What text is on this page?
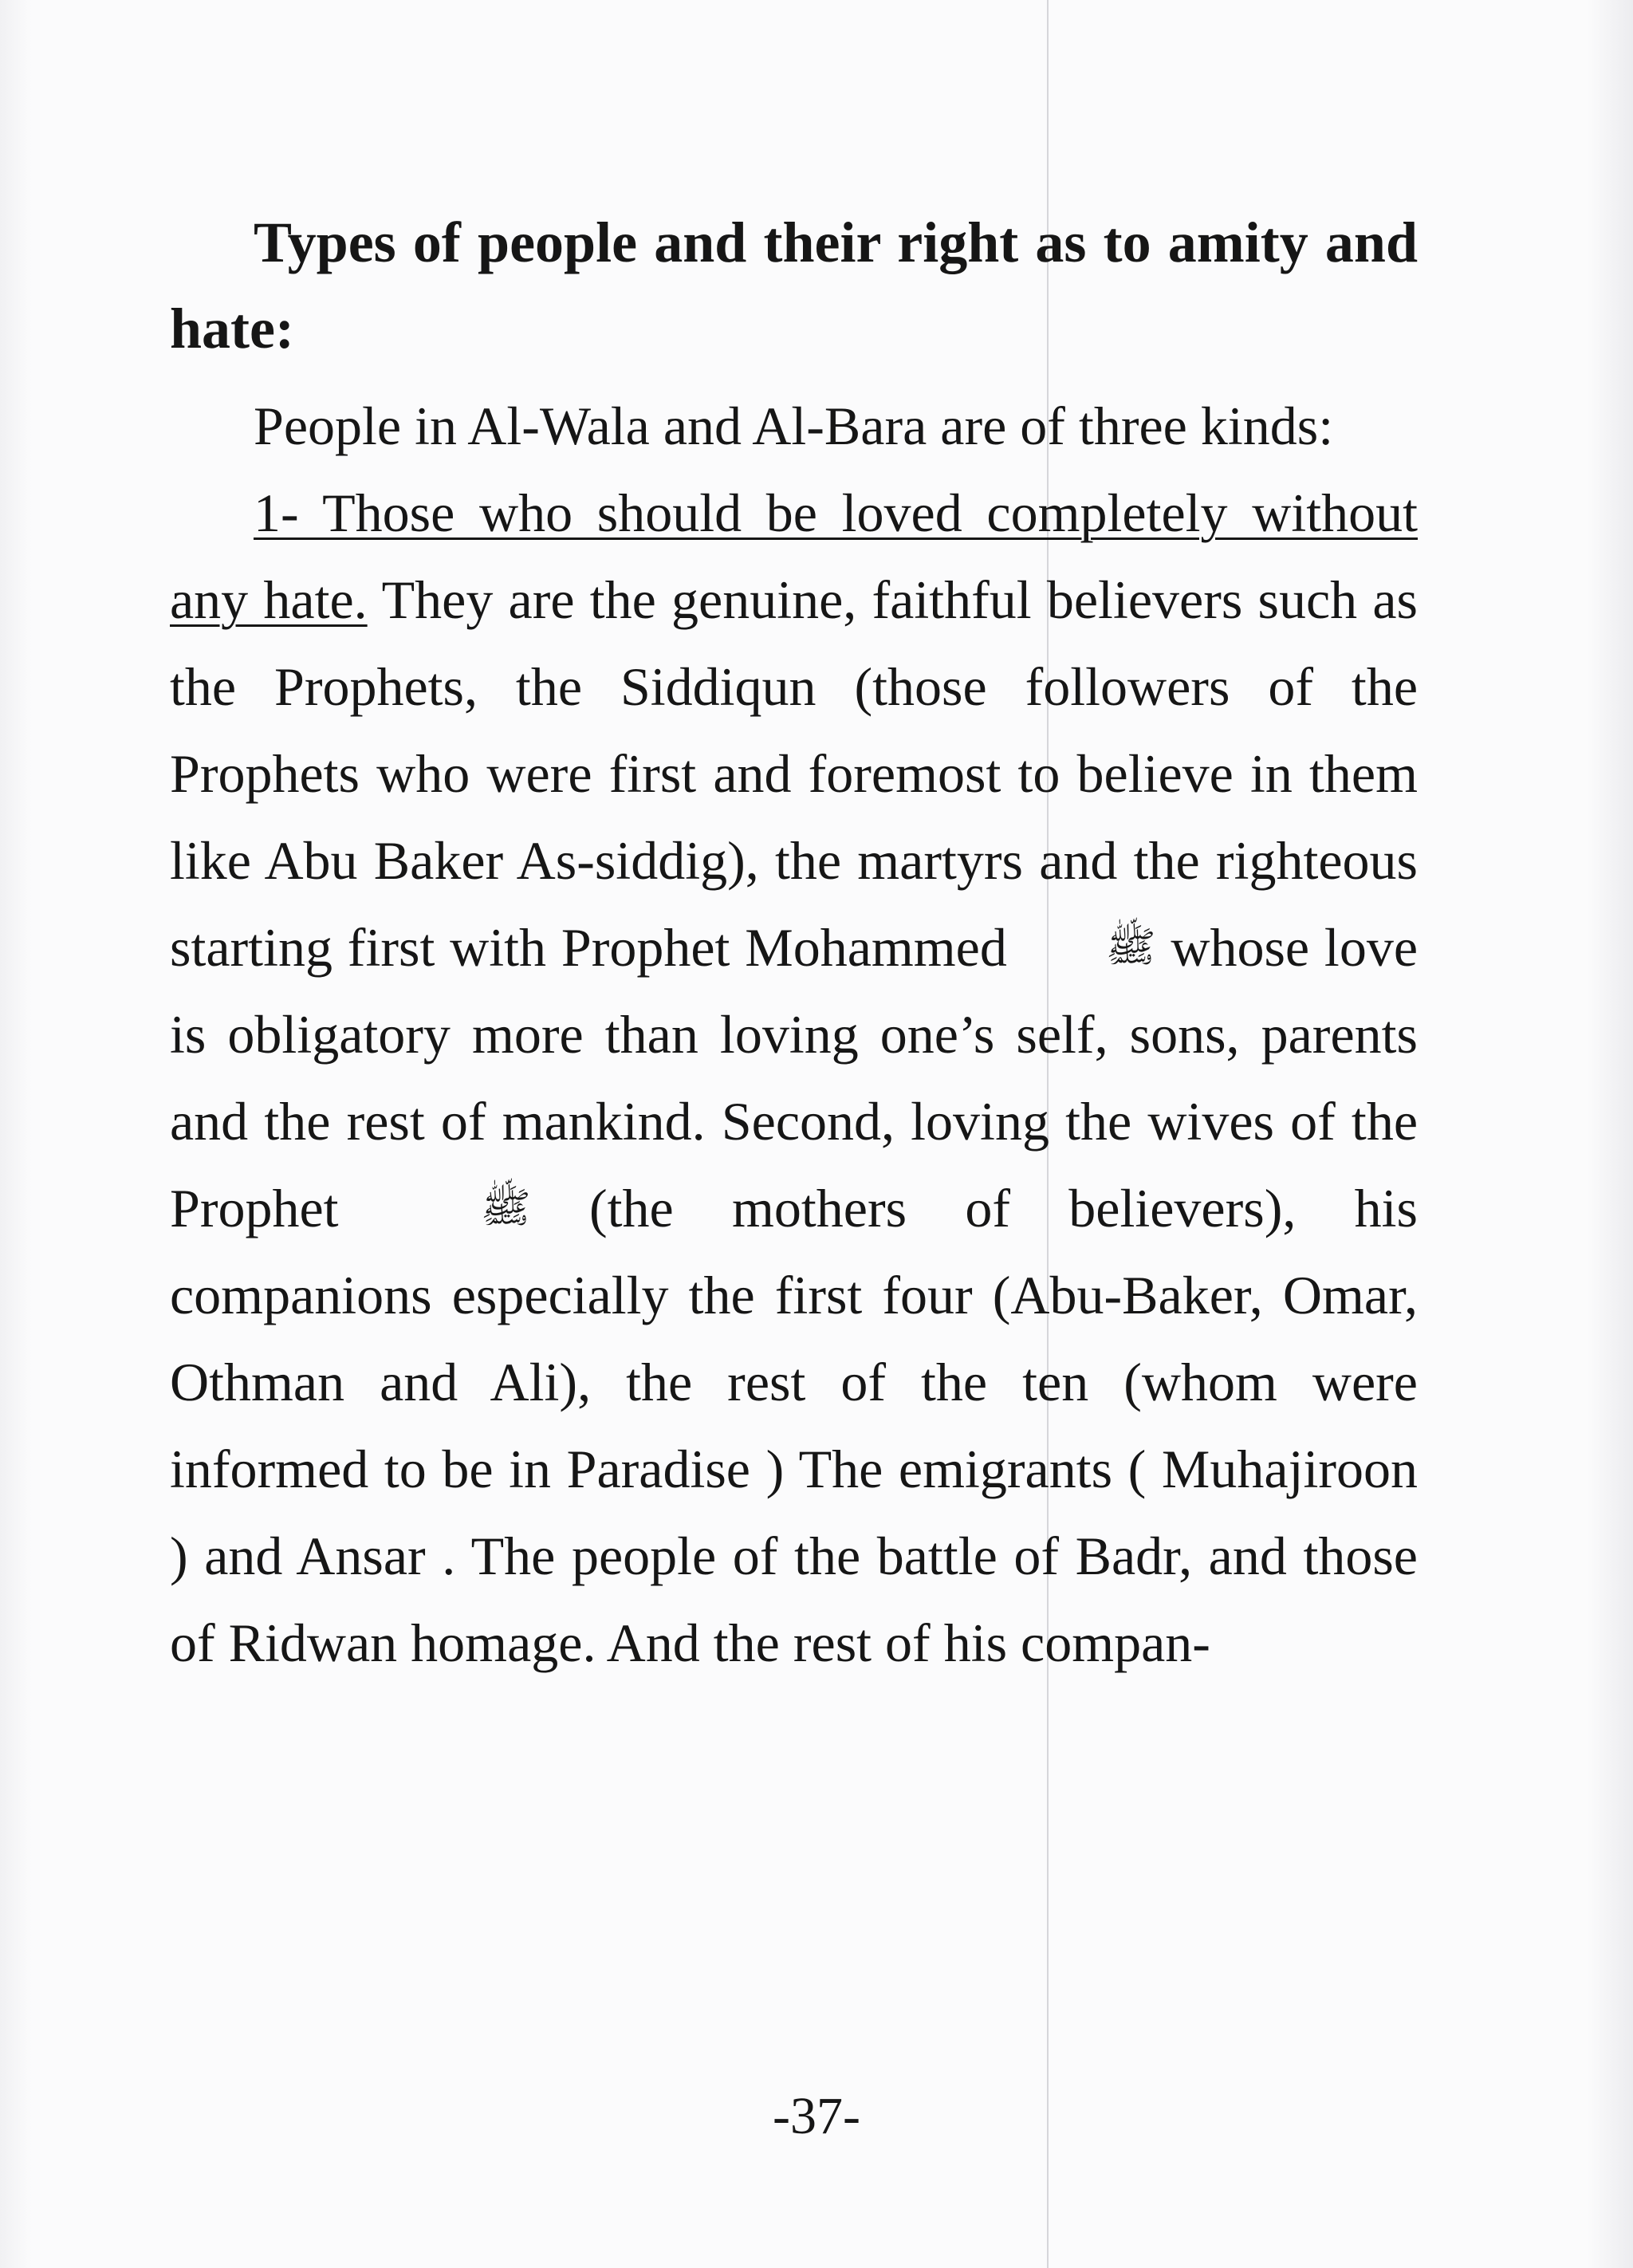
Types of people and their right as to amity and hate:

People in Al-Wala and Al-Bara are of three kinds:

1- Those who should be loved completely without any hate. They are the genuine, faithful believers such as the Prophets, the Siddiqun (those followers of the Prophets who were first and foremost to believe in them like Abu Baker As-siddig), the martyrs and the righteous starting first with Prophet Mohammed ﷺ whose love is obligatory more than loving one’s self, sons, parents and the rest of mankind. Second, loving the wives of the Prophet ﷺ (the mothers of believers), his companions especially the first four (Abu-Baker, Omar, Othman and Ali), the rest of the ten (whom were informed to be in Paradise ) The emigrants ( Muhajiroon ) and Ansar . The people of the battle of Badr, and those of Ridwan homage. And the rest of his compan-

-37-
